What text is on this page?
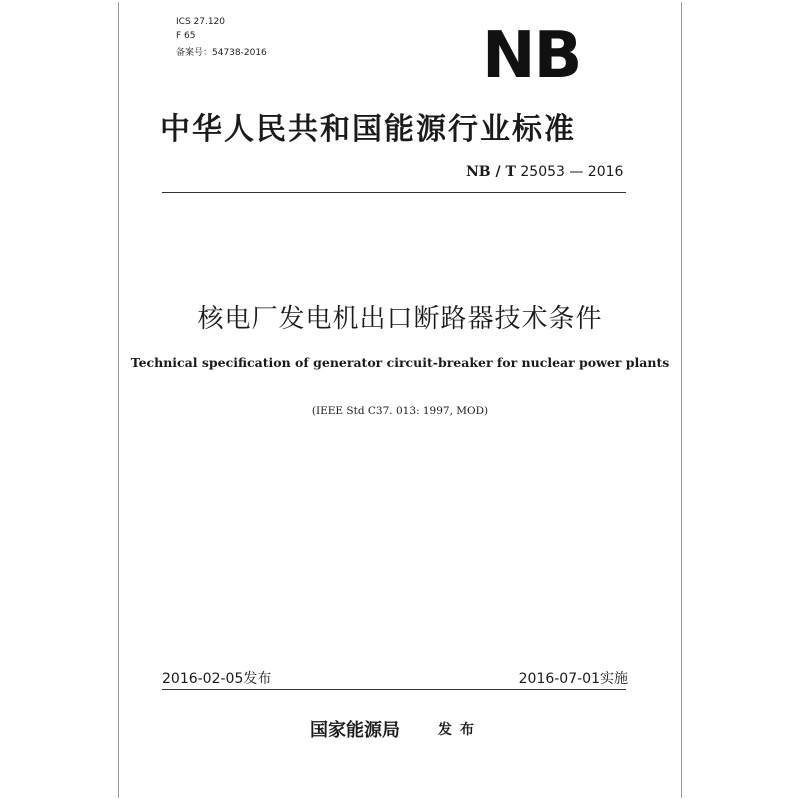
ICS 27.120
F 65
备案号：54738-2016	NB
中华人民共和国能源行业标准
NB / T 25053 — 2016
核电厂发电机出口断路器技术条件
Technical specification of generator circuit-breaker for nuclear power plants
(IEEE Std C37. 013: 1997, MOD)
2016-02-05发布	2016-07-01实施
国家能源局	发布
